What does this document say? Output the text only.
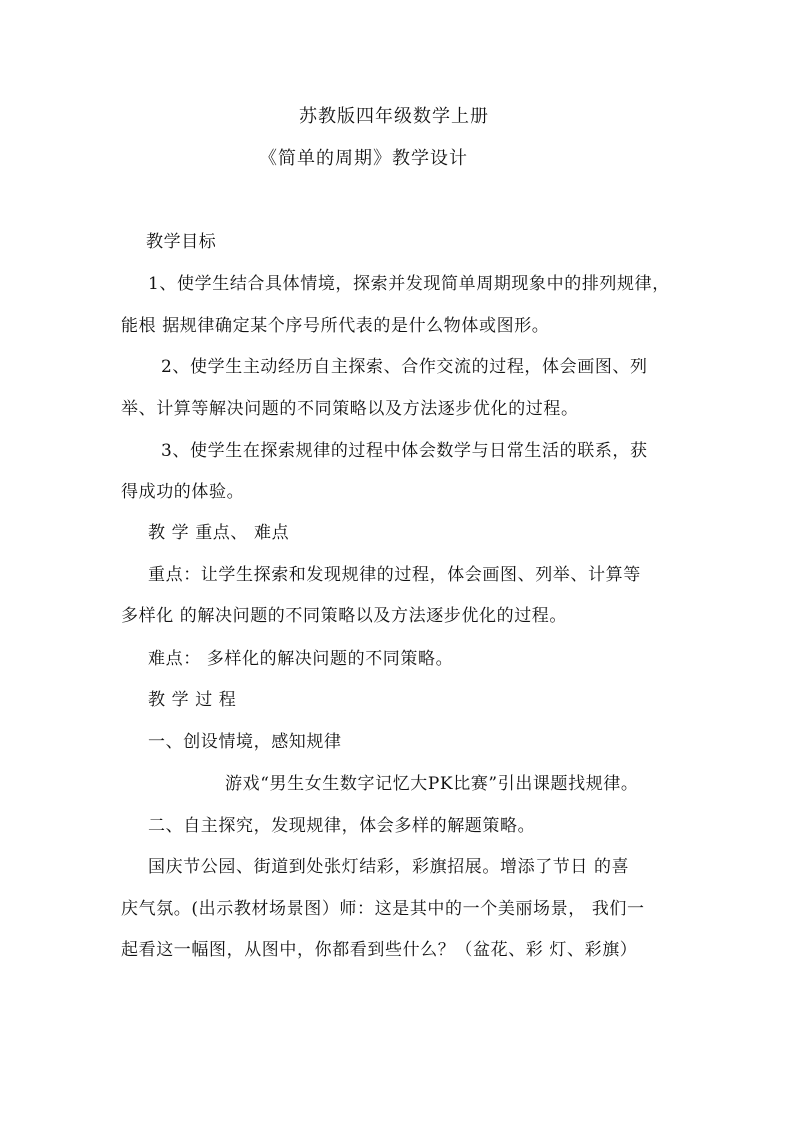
苏教版四年级数学上册
《简单的周期》教学设计
教学目标
1、使学生结合具体情境，探索并发现简单周期现象中的排列规律，
能根 据规律确定某个序号所代表的是什么物体或图形。
2、使学生主动经历自主探索、合作交流的过程，体会画图、列
举、计算等解决问题的不同策略以及方法逐步优化的过程。
3、使学生在探索规律的过程中体会数学与日常生活的联系，获
得成功的体验。
教 学 重点、 难点
重点：让学生探索和发现规律的过程，体会画图、列举、计算等
多样化 的解决问题的不同策略以及方法逐步优化的过程。
难点： 多样化的解决问题的不同策略。
教 学 过 程
一、创设情境，感知规律
游戏“男生女生数字记忆大PK比赛”引出课题找规律。
二、自主探究，发现规律，体会多样的解题策略。
国庆节公园、街道到处张灯结彩，彩旗招展。增添了节日 的喜
庆气氛。(出示教材场景图）师：这是其中的一个美丽场景， 我们一
起看这一幅图，从图中，你都看到些什么？（盆花、彩 灯、彩旗）
